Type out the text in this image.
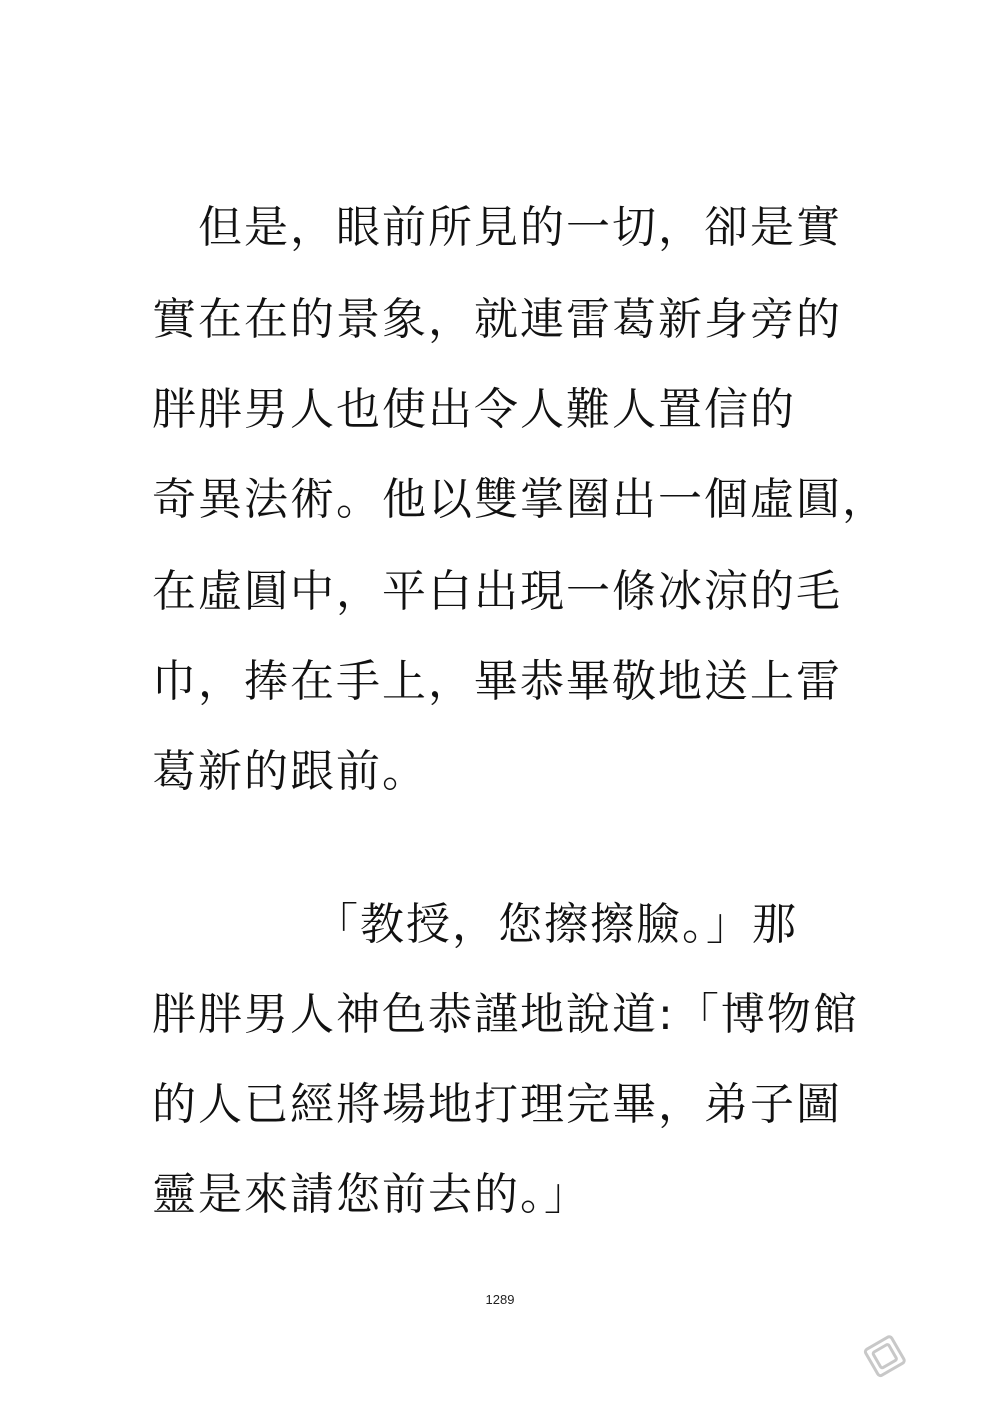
　但是，眼前所見的一切，卻是實
實在在的景象，就連雷葛新身旁的
胖胖男人也使出令人難人置信的
奇異法術。他以雙掌圈出一個虛圓，
在虛圓中，平白出現一條冰涼的毛
巾，捧在手上，畢恭畢敬地送上雷
葛新的跟前。
　　　　「教授，您擦擦臉。」那
胖胖男人神色恭謹地說道:「博物館
的人已經將場地打理完畢，弟子圖
靈是來請您前去的。」
1289
